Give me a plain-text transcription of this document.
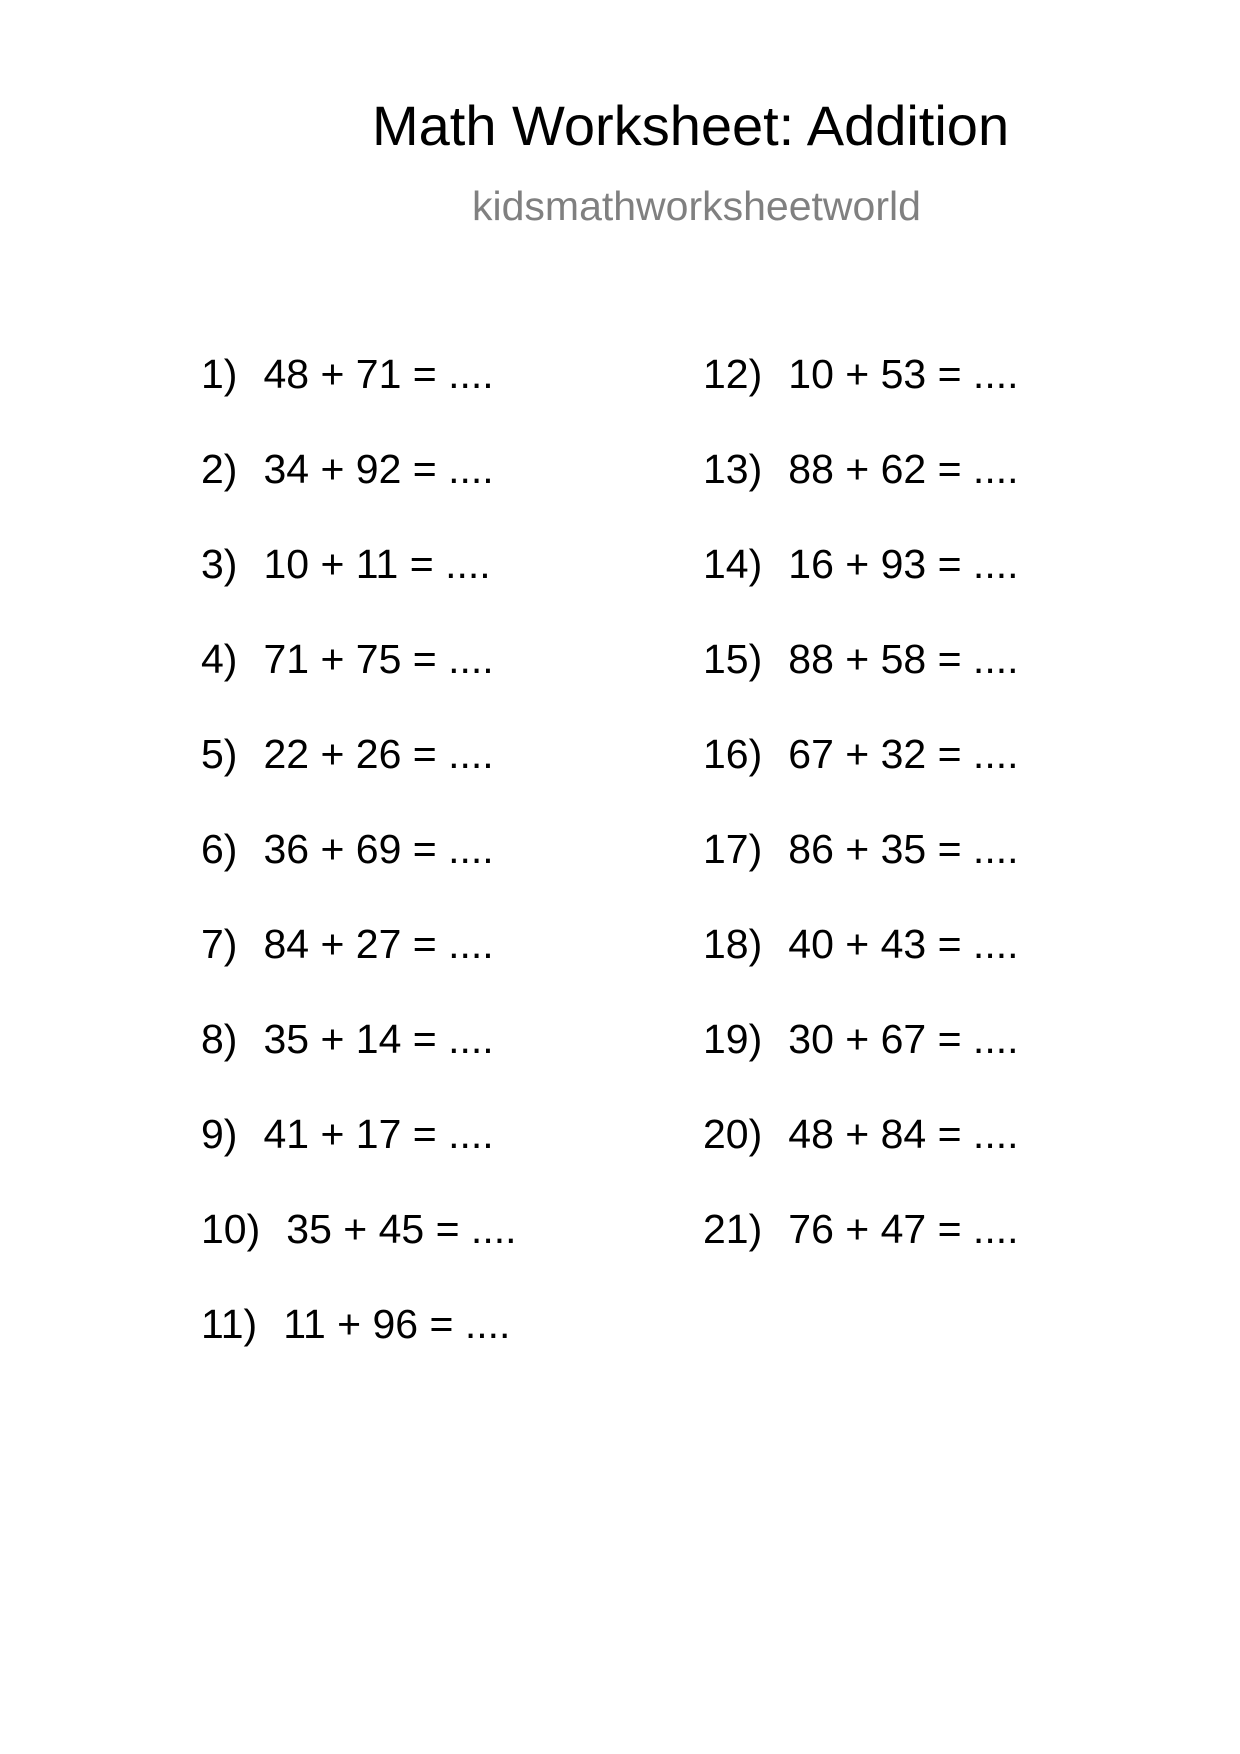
Math Worksheet: Addition
kidsmathworksheetworld
1) 48 + 71 = ....
2) 34 + 92 = ....
3) 10 + 11 = ....
4) 71 + 75 = ....
5) 22 + 26 = ....
6) 36 + 69 = ....
7) 84 + 27 = ....
8) 35 + 14 = ....
9) 41 + 17 = ....
10) 35 + 45 = ....
11) 11 + 96 = ....
12) 10 + 53 = ....
13) 88 + 62 = ....
14) 16 + 93 = ....
15) 88 + 58 = ....
16) 67 + 32 = ....
17) 86 + 35 = ....
18) 40 + 43 = ....
19) 30 + 67 = ....
20) 48 + 84 = ....
21) 76 + 47 = ....
